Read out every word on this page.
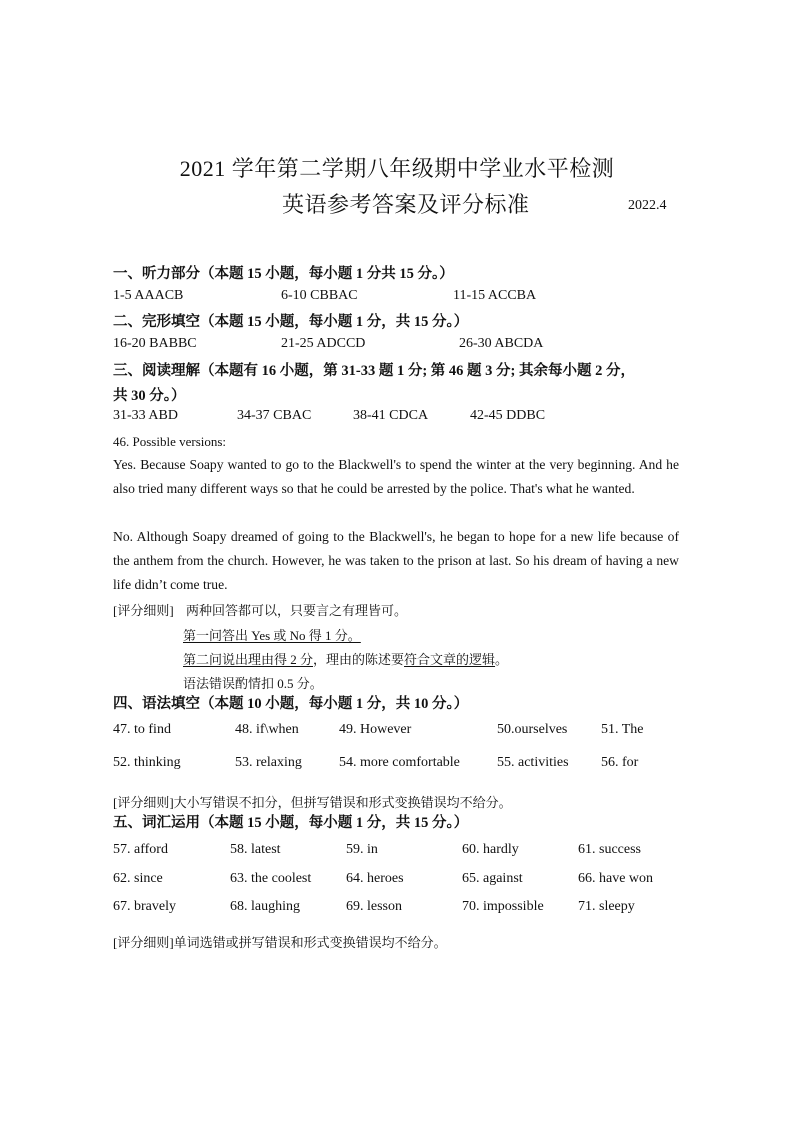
2021 学年第二学期八年级期中学业水平检测
英语参考答案及评分标准	2022.4
一、听力部分（本题 15 小题，每小题 1 分共 15 分。）
1-5 AAACB	6-10 CBBAC	11-15 ACCBA
二、完形填空（本题 15 小题，每小题 1 分，共 15 分。）
16-20 BABBC	21-25 ADCCD	26-30 ABCDA
三、阅读理解（本题有 16 小题，第 31-33 题 1 分; 第 46 题 3 分; 其余每小题 2 分，
共 30 分。）
31-33 ABD	34-37 CBAC	38-41 CDCA	42-45 DDBC
46. Possible versions:
Yes. Because Soapy wanted to go to the Blackwell's to spend the winter at the very beginning. And he also tried many different ways so that he could be arrested by the police. That's what he wanted.
No. Although Soapy dreamed of going to the Blackwell's, he began to hope for a new life because of the anthem from the church. However, he was taken to the prison at last. So his dream of having a new life didn’t come true.
[评分细则] 两种回答都可以，只要言之有理皆可。
第一问答出 Yes 或 No 得 1 分。
第二问说出理由得 2 分，理由的陈述要符合文章的逻辑。
语法错误酌情扣 0.5 分。
四、语法填空（本题 10 小题，每小题 1 分，共 10 分。）
47. to find	48. if\when	49. However	50.ourselves 51. The
52. thinking	53. relaxing	54. more comfortable	55. activities 56. for
[评分细则]大小写错误不扣分，但拼写错误和形式变换错误均不给分。
五、词汇运用（本题 15 小题，每小题 1 分，共 15 分。）
57. afford	58. latest	59. in	60. hardly	61. success
62. since	63. the coolest 64. heroes	65. against	66. have won
67. bravely	68. laughing	69. lesson	70. impossible 71. sleepy
[评分细则]单词选错或拼写错误和形式变换错误均不给分。
